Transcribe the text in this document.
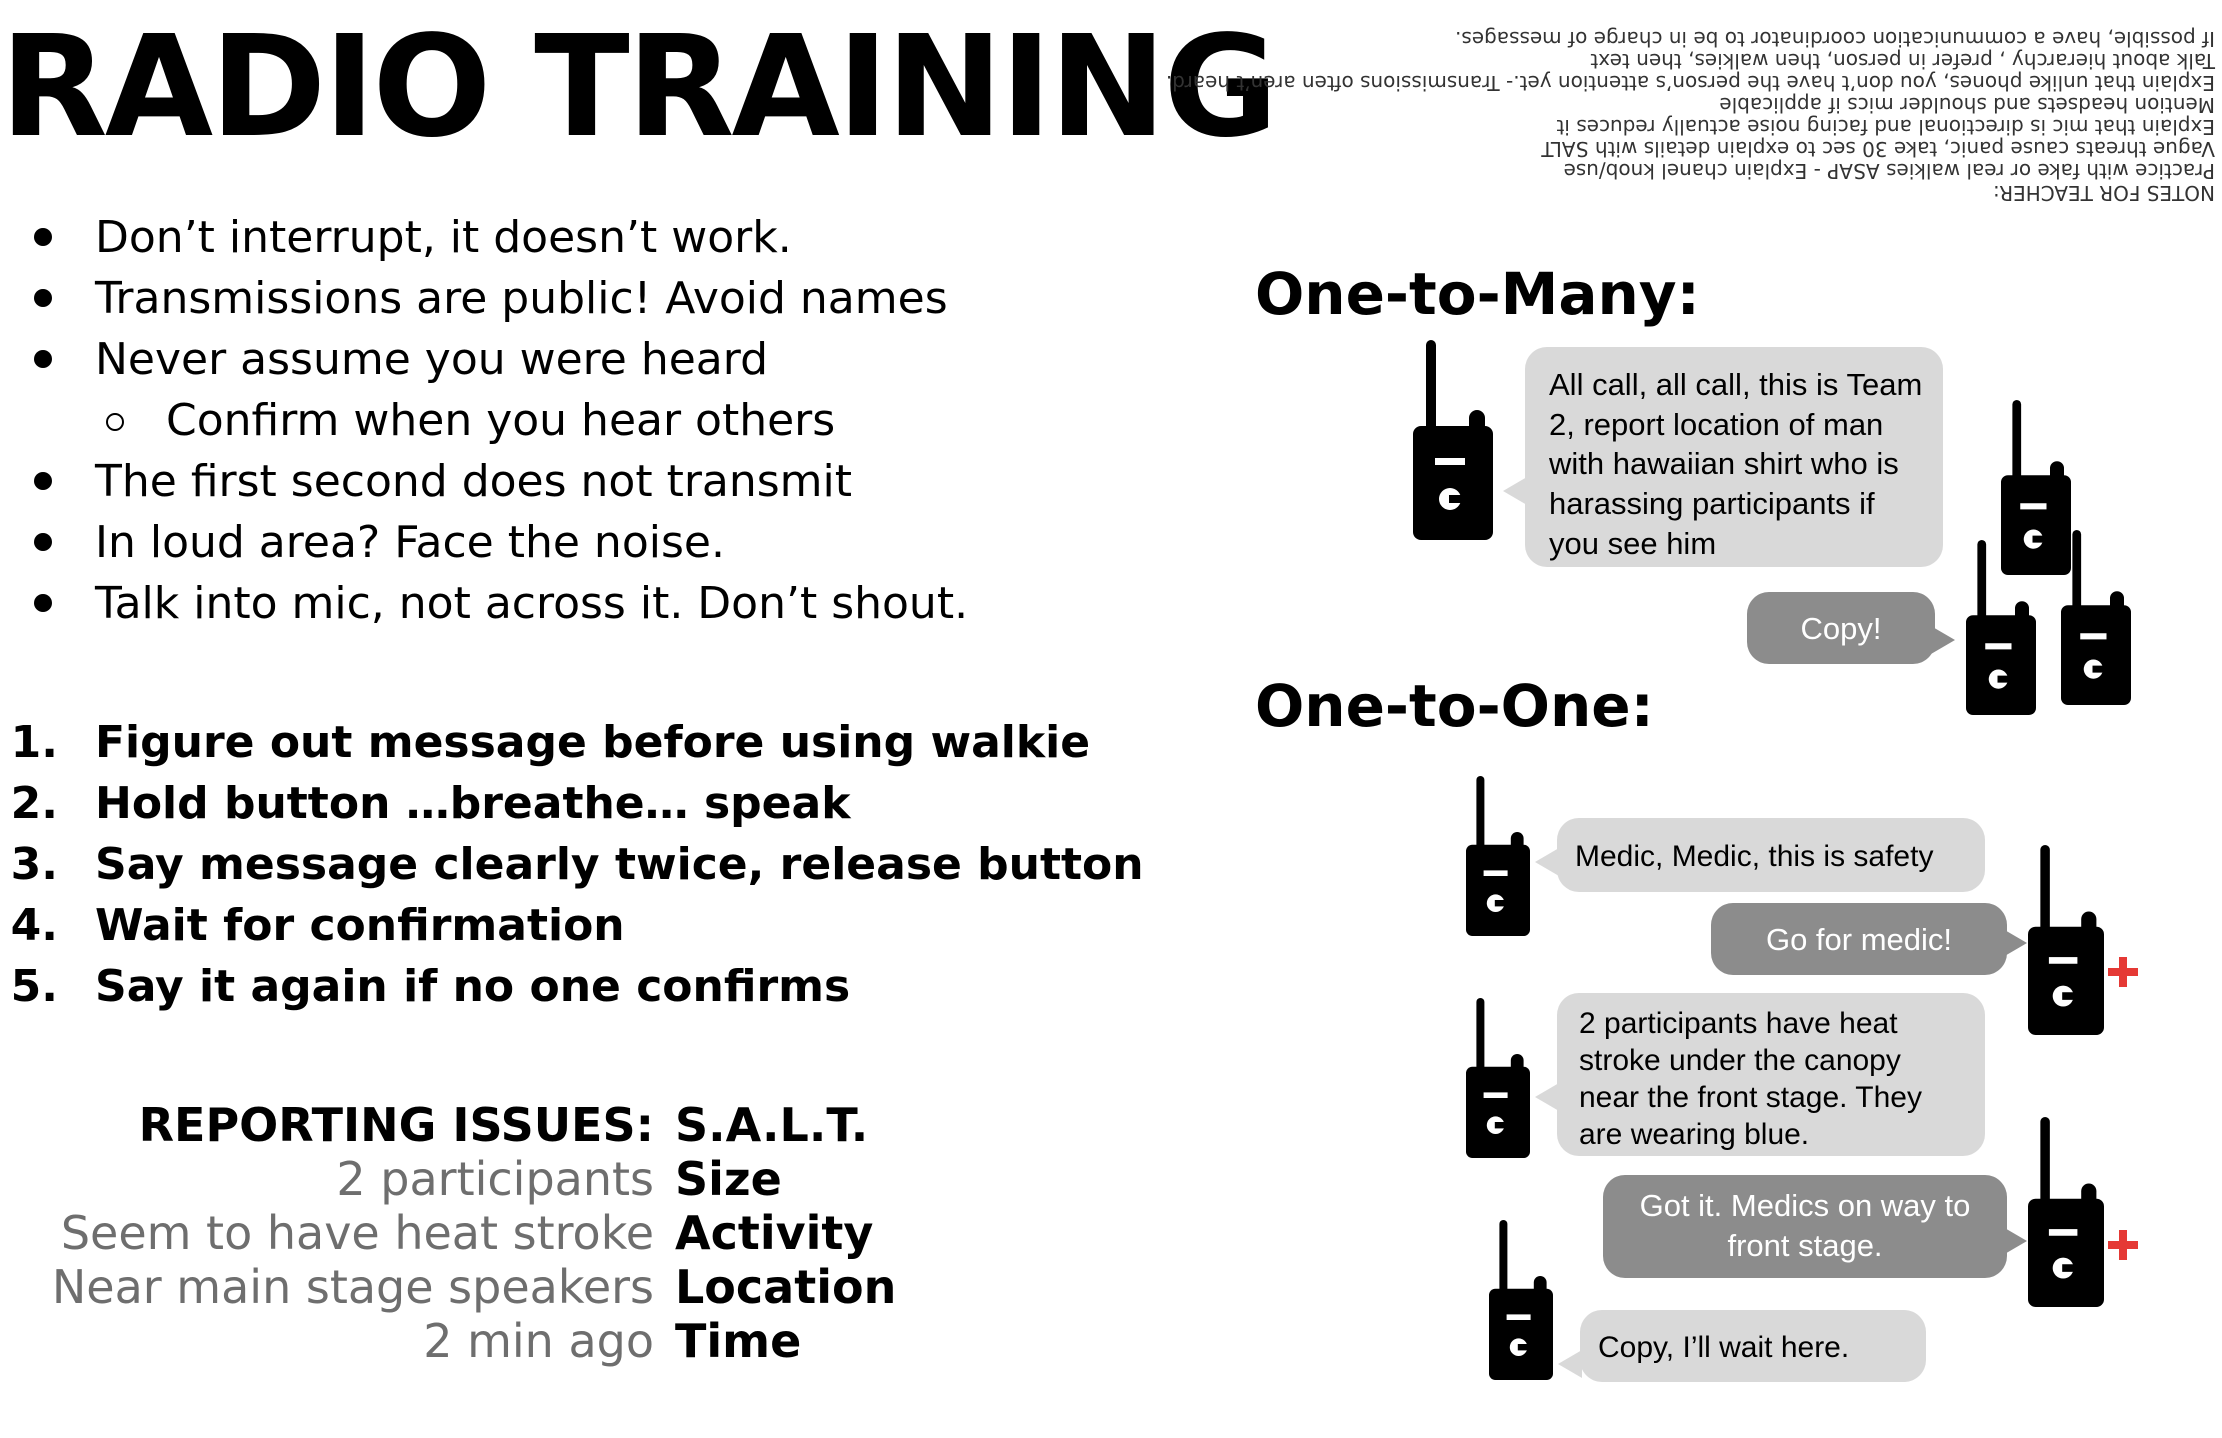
RADIO TRAINING
Don’t interrupt, it doesn’t work.
Transmissions are public! Avoid names
Never assume you were heard
Confirm when you hear others
The first second does not transmit
In loud area? Face the noise.
Talk into mic, not across it. Don’t shout.
1. Figure out message before using walkie
2. Hold button …breathe… speak
3. Say message clearly twice, release button
4. Wait for confirmation
5. Say it again if no one confirms
REPORTING ISSUES: S.A.L.T.
2 participants Size
Seem to have heat stroke Activity
Near main stage speakers Location
2 min ago Time
NOTES FOR TEACHER:
Practice with fake or real walkies ASAP - Explain chanel knob/use
Vague threats cause panic, take 30 sec to explain details with SALT
Explain that mic is directional and facing noise actually reduces it
Mention headsets and shoulder mics if applicable
Explain that unlike phones, you don’t have the person’s attention yet.- Transmissions often aren’t heard.
Talk about hierarchy , prefer in person, then walkies, then text
If possible, have a communication coordinator to be in charge of messages.
One-to-Many:
All call, all call, this is Team 2, report location of man with hawaiian shirt who is harassing participants if you see him
Copy!
One-to-One:
Medic, Medic, this is safety
Go for medic!
2 participants have heat stroke under the canopy near the front stage. They are wearing blue.
Got it. Medics on way to front stage.
Copy, I’ll wait here.
